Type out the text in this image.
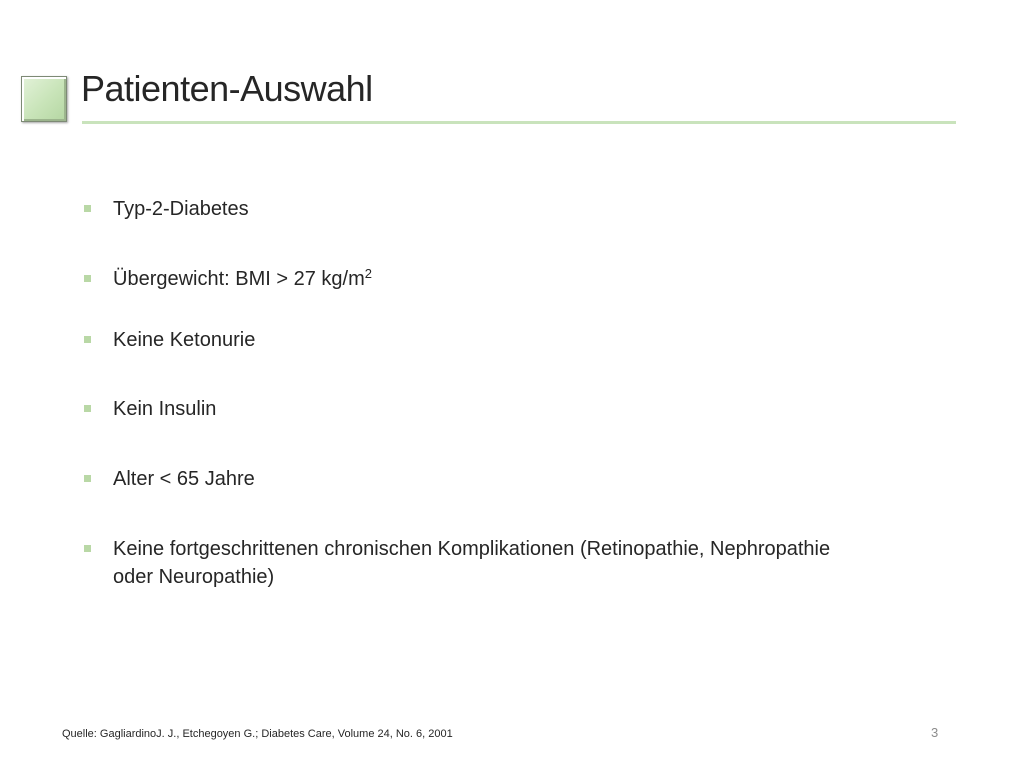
Patienten-Auswahl
Typ-2-Diabetes
Übergewicht: BMI > 27 $kg/m^2$
Keine Ketonurie
Kein Insulin
Alter < 65 Jahre
Keine fortgeschrittenen chronischen Komplikationen (Retinopathie, Nephropathie oder Neuropathie)
Quelle: GagliardinoJ. J., Etchegoyen G.; Diabetes Care, Volume 24, No. 6, 2001	3
